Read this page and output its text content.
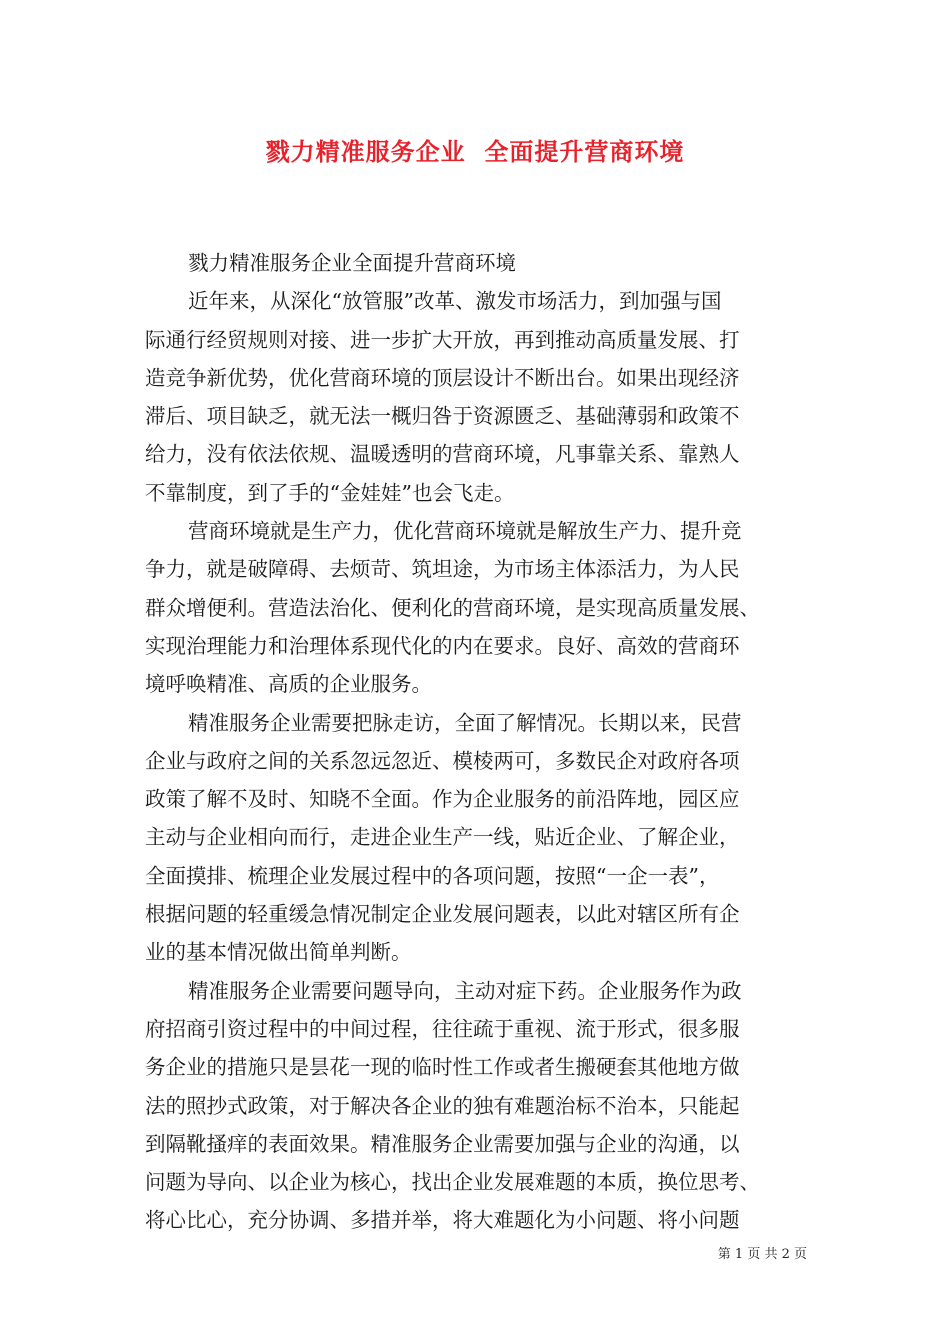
戮力精准服务企业  全面提升营商环境
戮力精准服务企业全面提升营商环境
近年来，从深化“放管服”改革、激发市场活力，到加强与国
际通行经贸规则对接、进一步扩大开放，再到推动高质量发展、打
造竞争新优势，优化营商环境的顶层设计不断出台。如果出现经济
滞后、项目缺乏，就无法一概归咎于资源匮乏、基础薄弱和政策不
给力，没有依法依规、温暖透明的营商环境，凡事靠关系、靠熟人
不靠制度，到了手的“金娃娃”也会飞走。
营商环境就是生产力，优化营商环境就是解放生产力、提升竞
争力，就是破障碍、去烦苛、筑坦途，为市场主体添活力，为人民
群众增便利。营造法治化、便利化的营商环境，是实现高质量发展、
实现治理能力和治理体系现代化的内在要求。良好、高效的营商环
境呼唤精准、高质的企业服务。
精准服务企业需要把脉走访，全面了解情况。长期以来，民营
企业与政府之间的关系忽远忽近、模棱两可，多数民企对政府各项
政策了解不及时、知晓不全面。作为企业服务的前沿阵地，园区应
主动与企业相向而行，走进企业生产一线，贴近企业、了解企业，
全面摸排、梳理企业发展过程中的各项问题，按照“一企一表”，
根据问题的轻重缓急情况制定企业发展问题表，以此对辖区所有企
业的基本情况做出简单判断。
精准服务企业需要问题导向，主动对症下药。企业服务作为政
府招商引资过程中的中间过程，往往疏于重视、流于形式，很多服
务企业的措施只是昙花一现的临时性工作或者生搬硬套其他地方做
法的照抄式政策，对于解决各企业的独有难题治标不治本，只能起
到隔靴搔痒的表面效果。精准服务企业需要加强与企业的沟通，以
问题为导向、以企业为核心，找出企业发展难题的本质，换位思考、
将心比心，充分协调、多措并举，将大难题化为小问题、将小问题
第 1 页 共 2 页
